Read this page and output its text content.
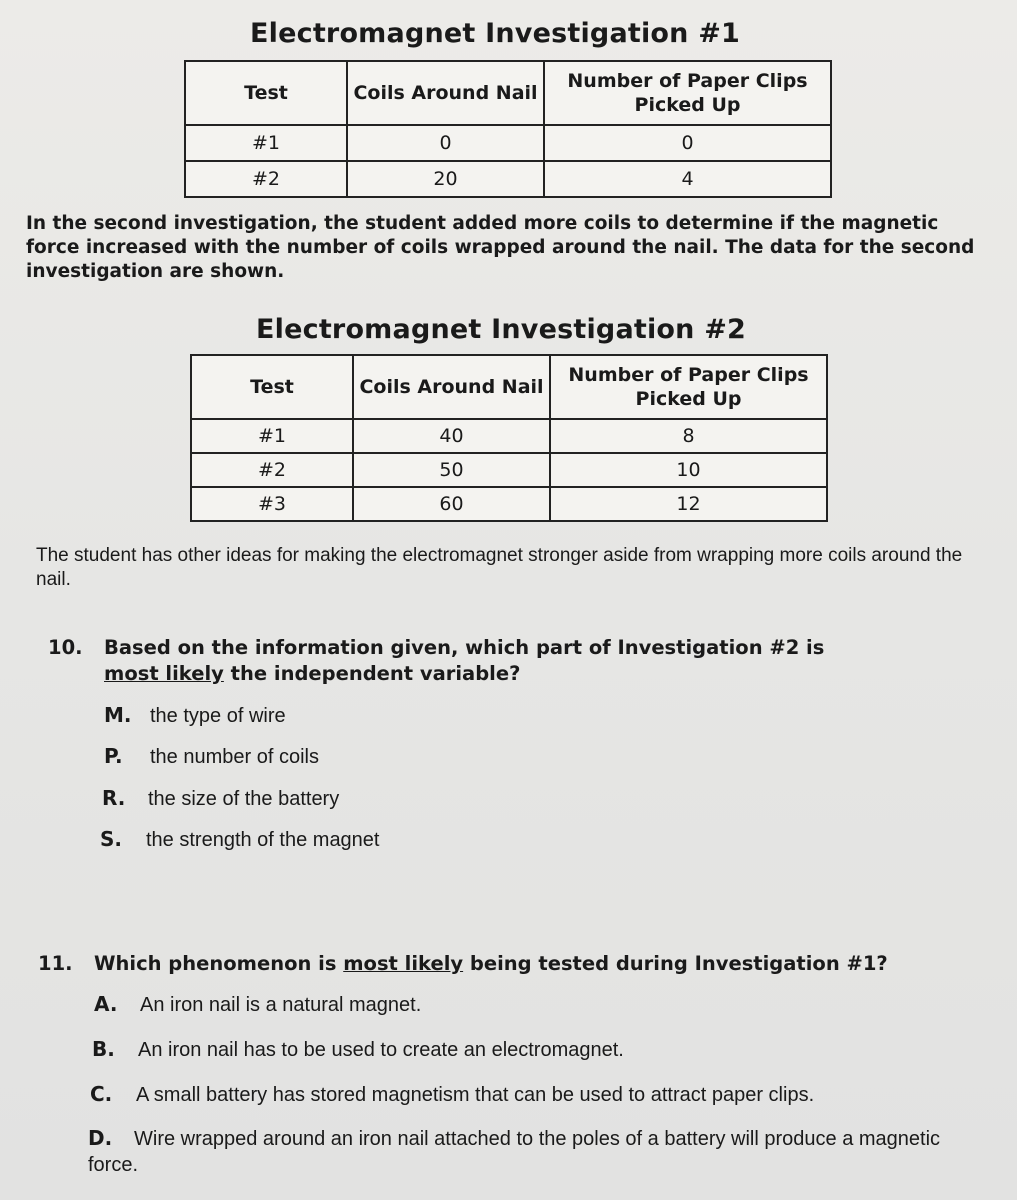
Electromagnet Investigation #1
Test	Coils Around Nail	Number of Paper Clips Picked Up
#1	0	0
#2	20	4
In the second investigation, the student added more coils to determine if the magnetic force increased with the number of coils wrapped around the nail. The data for the second investigation are shown.
Electromagnet Investigation #2
Test	Coils Around Nail	Number of Paper Clips Picked Up
#1	40	8
#2	50	10
#3	60	12
The student has other ideas for making the electromagnet stronger aside from wrapping more coils around the nail.
10. Based on the information given, which part of Investigation #2 is
most likely the independent variable?
M. the type of wire
P. the number of coils
R. the size of the battery
S. the strength of the magnet
11. Which phenomenon is most likely being tested during Investigation #1?
A. An iron nail is a natural magnet.
B. An iron nail has to be used to create an electromagnet.
C. A small battery has stored magnetism that can be used to attract paper clips.
D. Wire wrapped around an iron nail attached to the poles of a battery will produce a magnetic force.
